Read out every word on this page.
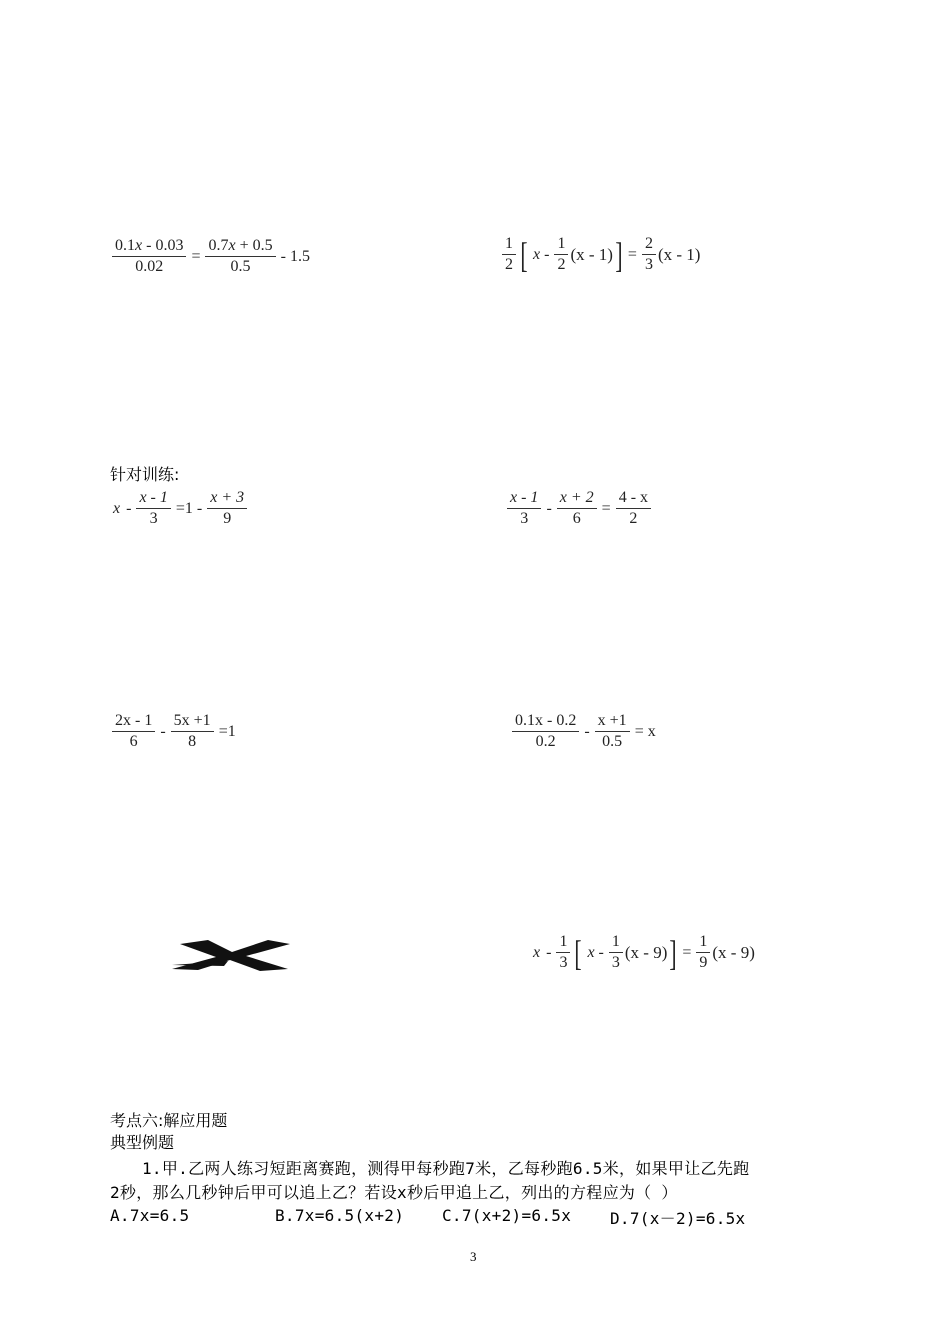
$\frac{0.1x - 0.03}{0.02} = \frac{0.7x + 0.5}{0.5} - 1.5$	$\frac{1}{2}$ [ $x - \frac{1}{2} (x - 1)] = \frac{2}{3} (x - 1)$
针对训练:
$x - \frac{x - 1}{3} =1 - \frac{x + 3}{9}$	$\frac{x - 1}{3} - \frac{x + 2}{6} = \frac{4 - x}{2}$
$\frac{2x - 1}{6} - \frac{5x +1}{8} =1$	$\frac{0.1x - 0.2}{0.2} - \frac{x +1}{0.5} = x$
x - $\frac{1}{3}$ [ $x - \frac{1}{3} (x - 9)] = \frac{1}{9} (x - 9)$
考点六:解应用题
典型例题
1.甲.乙两人练习短距离赛跑，测得甲每秒跑7米，乙每秒跑6.5米，如果甲让乙先跑
2秒，那么几秒钟后甲可以追上乙？若设x秒后甲追上乙，列出的方程应为（ ）
A.7x=6.5	B.7x=6.5(x+2) C.7(x+2)=6.5x D.7(x－2)=6.5x
3
